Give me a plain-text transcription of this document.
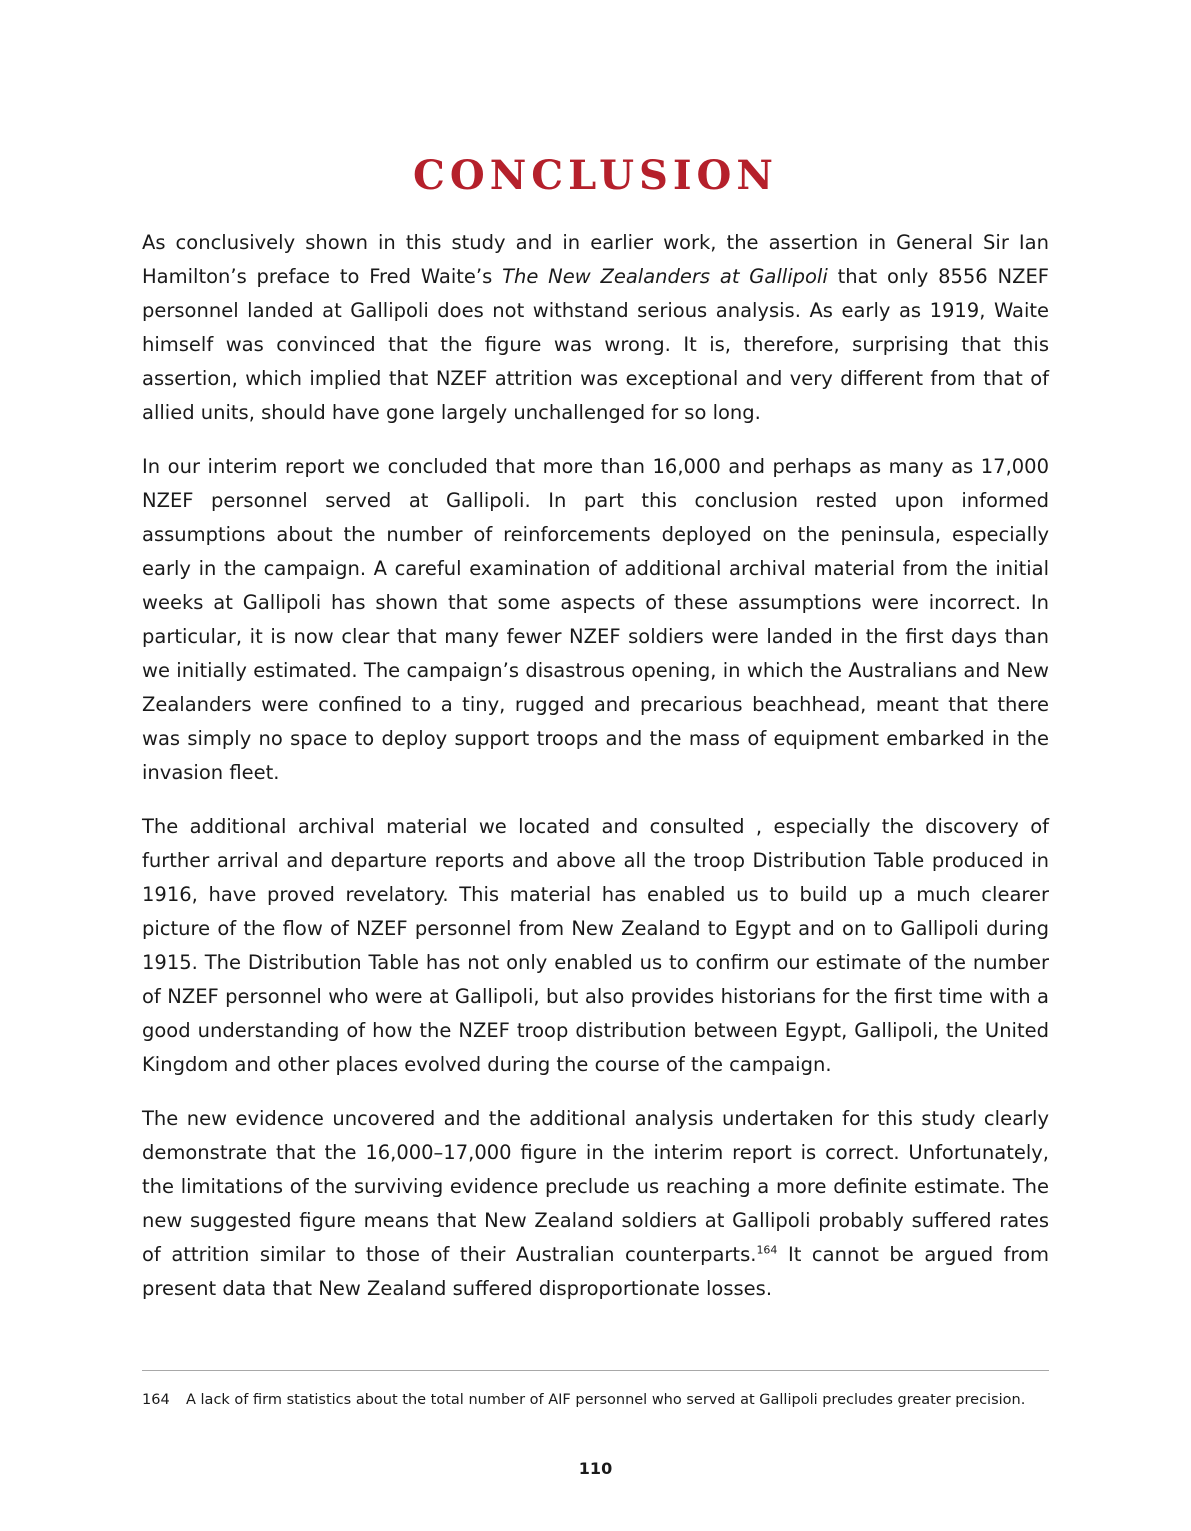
CONCLUSION

As conclusively shown in this study and in earlier work, the assertion in General Sir Ian Hamilton’s preface to Fred Waite’s The New Zealanders at Gallipoli that only 8556 NZEF personnel landed at Gallipoli does not withstand serious analysis. As early as 1919, Waite himself was convinced that the figure was wrong. It is, therefore, surprising that this assertion, which implied that NZEF attrition was exceptional and very different from that of allied units, should have gone largely unchallenged for so long.

In our interim report we concluded that more than 16,000 and perhaps as many as 17,000 NZEF personnel served at Gallipoli. In part this conclusion rested upon informed assumptions about the number of reinforcements deployed on the peninsula, especially early in the campaign. A careful examination of additional archival material from the initial weeks at Gallipoli has shown that some aspects of these assumptions were incorrect. In particular, it is now clear that many fewer NZEF soldiers were landed in the first days than we initially estimated. The campaign’s disastrous opening, in which the Australians and New Zealanders were confined to a tiny, rugged and precarious beachhead, meant that there was simply no space to deploy support troops and the mass of equipment embarked in the invasion fleet.

The additional archival material we located and consulted , especially the discovery of further arrival and departure reports and above all the troop Distribution Table produced in 1916, have proved revelatory. This material has enabled us to build up a much clearer picture of the flow of NZEF personnel from New Zealand to Egypt and on to Gallipoli during 1915. The Distribution Table has not only enabled us to confirm our estimate of the number of NZEF personnel who were at Gallipoli, but also provides historians for the first time with a good understanding of how the NZEF troop distribution between Egypt, Gallipoli, the United Kingdom and other places evolved during the course of the campaign.

The new evidence uncovered and the additional analysis undertaken for this study clearly demonstrate that the 16,000–17,000 figure in the interim report is correct. Unfortunately, the limitations of the surviving evidence preclude us reaching a more definite estimate. The new suggested figure means that New Zealand soldiers at Gallipoli probably suffered rates of attrition similar to those of their Australian counterparts.$^{164}$ It cannot be argued from present data that New Zealand suffered disproportionate losses.

164 A lack of firm statistics about the total number of AIF personnel who served at Gallipoli precludes greater precision.
110
